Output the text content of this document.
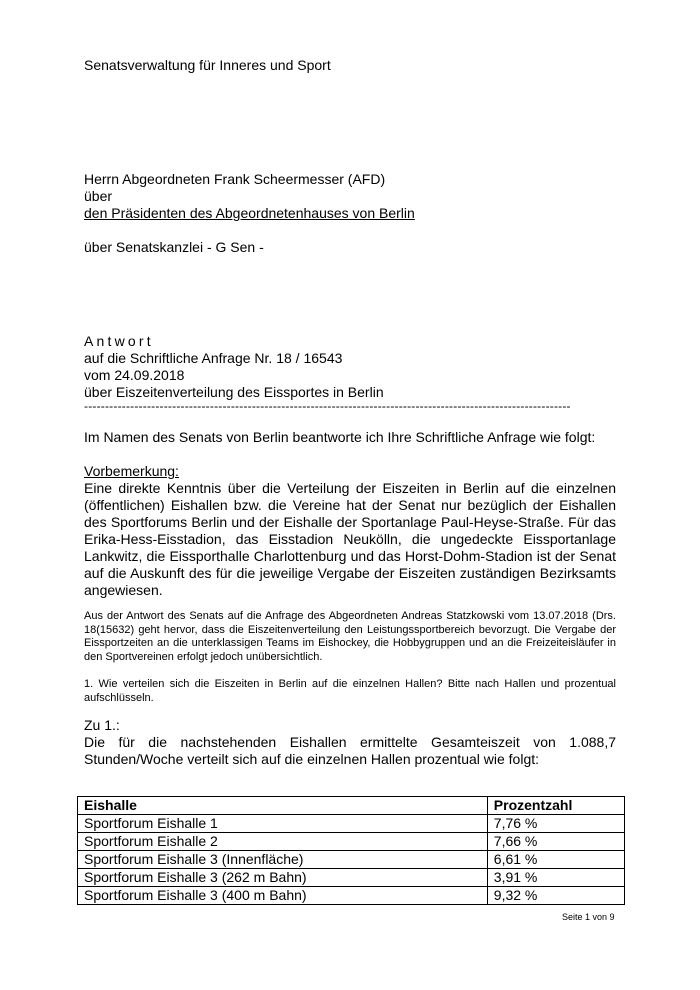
Senatsverwaltung für Inneres und Sport
Herrn Abgeordneten Frank Scheermesser (AFD)
über
den Präsidenten des Abgeordnetenhauses von Berlin
über Senatskanzlei - G Sen -
Antwort
auf die Schriftliche Anfrage Nr. 18 / 16543
vom 24.09.2018
über Eiszeitenverteilung des Eissportes in Berlin
--------------------------------------------------------------------------------------------------------------------
Im Namen des Senats von Berlin beantworte ich Ihre Schriftliche Anfrage wie folgt:
Vorbemerkung:
Eine direkte Kenntnis über die Verteilung der Eiszeiten in Berlin auf die einzelnen (öffentlichen) Eishallen bzw. die Vereine hat der Senat nur bezüglich der Eishallen des Sportforums Berlin und der Eishalle der Sportanlage Paul-Heyse-Straße. Für das Erika-Hess-Eisstadion, das Eisstadion Neukölln, die ungedeckte Eissportanlage Lankwitz, die Eissporthalle Charlottenburg und das Horst-Dohm-Stadion ist der Senat auf die Auskunft des für die jeweilige Vergabe der Eiszeiten zuständigen Bezirksamts angewiesen.
Aus der Antwort des Senats auf die Anfrage des Abgeordneten Andreas Statzkowski vom 13.07.2018 (Drs. 18(15632) geht hervor, dass die Eiszeitenverteilung den Leistungssportbereich bevorzugt. Die Vergabe der Eissportzeiten an die unterklassigen Teams im Eishockey, die Hobbygruppen und an die Freizeiteisläufer in den Sportvereinen erfolgt jedoch unübersichtlich.
1. Wie verteilen sich die Eiszeiten in Berlin auf die einzelnen Hallen? Bitte nach Hallen und prozentual aufschlüsseln.
Zu 1.:
Die für die nachstehenden Eishallen ermittelte Gesamteiszeit von 1.088,7 Stunden/Woche verteilt sich auf die einzelnen Hallen prozentual wie folgt:
Eishalle	Prozentzahl
Sportforum Eishalle 1	7,76 %
Sportforum Eishalle 2	7,66 %
Sportforum Eishalle 3 (Innenfläche)	6,61 %
Sportforum Eishalle 3 (262 m Bahn)	3,91 %
Sportforum Eishalle 3 (400 m Bahn)	9,32 %
Seite 1 von 9
